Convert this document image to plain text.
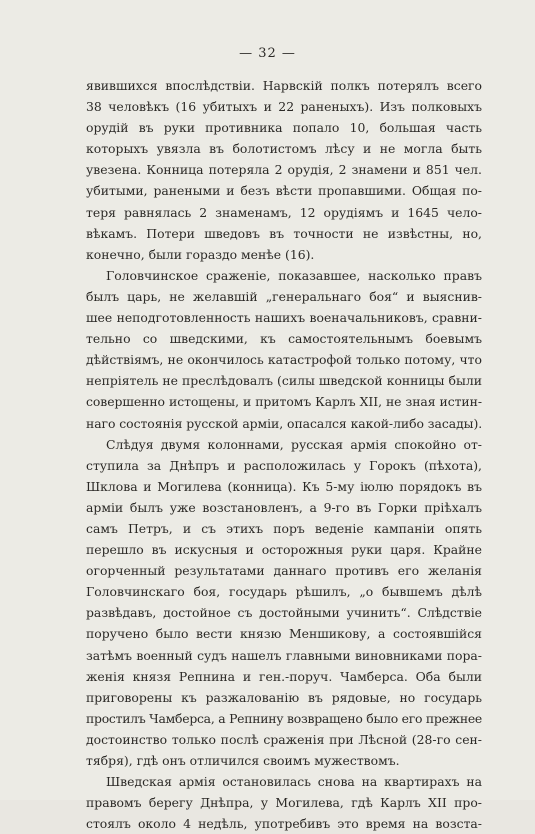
— 32 —
явившихся впослѣдствіи. Нарвскій полкъ потерялъ всего
38 человѣкъ (16 убитыхъ и 22 раненыхъ). Изъ полковыхъ
орудій въ руки противника попало 10, большая часть
которыхъ увязла въ болотистомъ лѣсу и не могла быть
увезена. Конница потеряла 2 орудія, 2 знамени и 851 чел.
убитыми, ранеными и безъ вѣсти пропавшими. Общая по-
теря равнялась 2 знаменамъ, 12 орудіямъ и 1645 чело-
вѣкамъ. Потери шведовъ въ точности не извѣстны, но,
конечно, были гораздо менѣе (16).
Головчинское сраженіе, показавшее, насколько правъ
былъ царь, не желавшій „генеральнаго боя“ и выяснив-
шее неподготовленность нашихъ военачальниковъ, сравни-
тельно со шведскими, къ самостоятельнымъ боевымъ
дѣйствіямъ, не окончилось катастрофой только потому, что
непріятель не преслѣдовалъ (силы шведской конницы были
совершенно истощены, и притомъ Карлъ XII, не зная истин-
наго состоянія русской арміи, опасался какой-либо засады).
Слѣдуя двумя колоннами, русская армія спокойно от-
ступила за Днѣпръ и расположилась у Горокъ (пѣхота),
Шклова и Могилева (конница). Къ 5-му іюлю порядокъ въ
арміи былъ уже возстановленъ, а 9-го въ Горки пріѣхалъ
самъ Петръ, и съ этихъ поръ веденіе кампаніи опять
перешло въ искусныя и осторожныя руки царя. Крайне
огорченный результатами даннаго противъ его желанія
Головчинскаго боя, государь рѣшилъ, „о бывшемъ дѣлѣ
развѣдавъ, достойное съ достойными учинить“. Слѣдствіе
поручено было вести князю Меншикову, а состоявшійся
затѣмъ военный судъ нашелъ главными виновниками пора-
женія князя Репнина и ген.-поруч. Чамберса. Оба были
приговорены къ разжалованію въ рядовые, но государь
простилъ Чамберса, а Репнину возвращено было его прежнее
достоинство только послѣ сраженія при Лѣсной (28-го сен-
тября), гдѣ онъ отличился своимъ мужествомъ.
Шведская армія остановилась снова на квартирахъ на
правомъ берегу Днѣпра, у Могилева, гдѣ Карлъ XII про-
стоялъ около 4 недѣль, употребивъ это время на возста-
